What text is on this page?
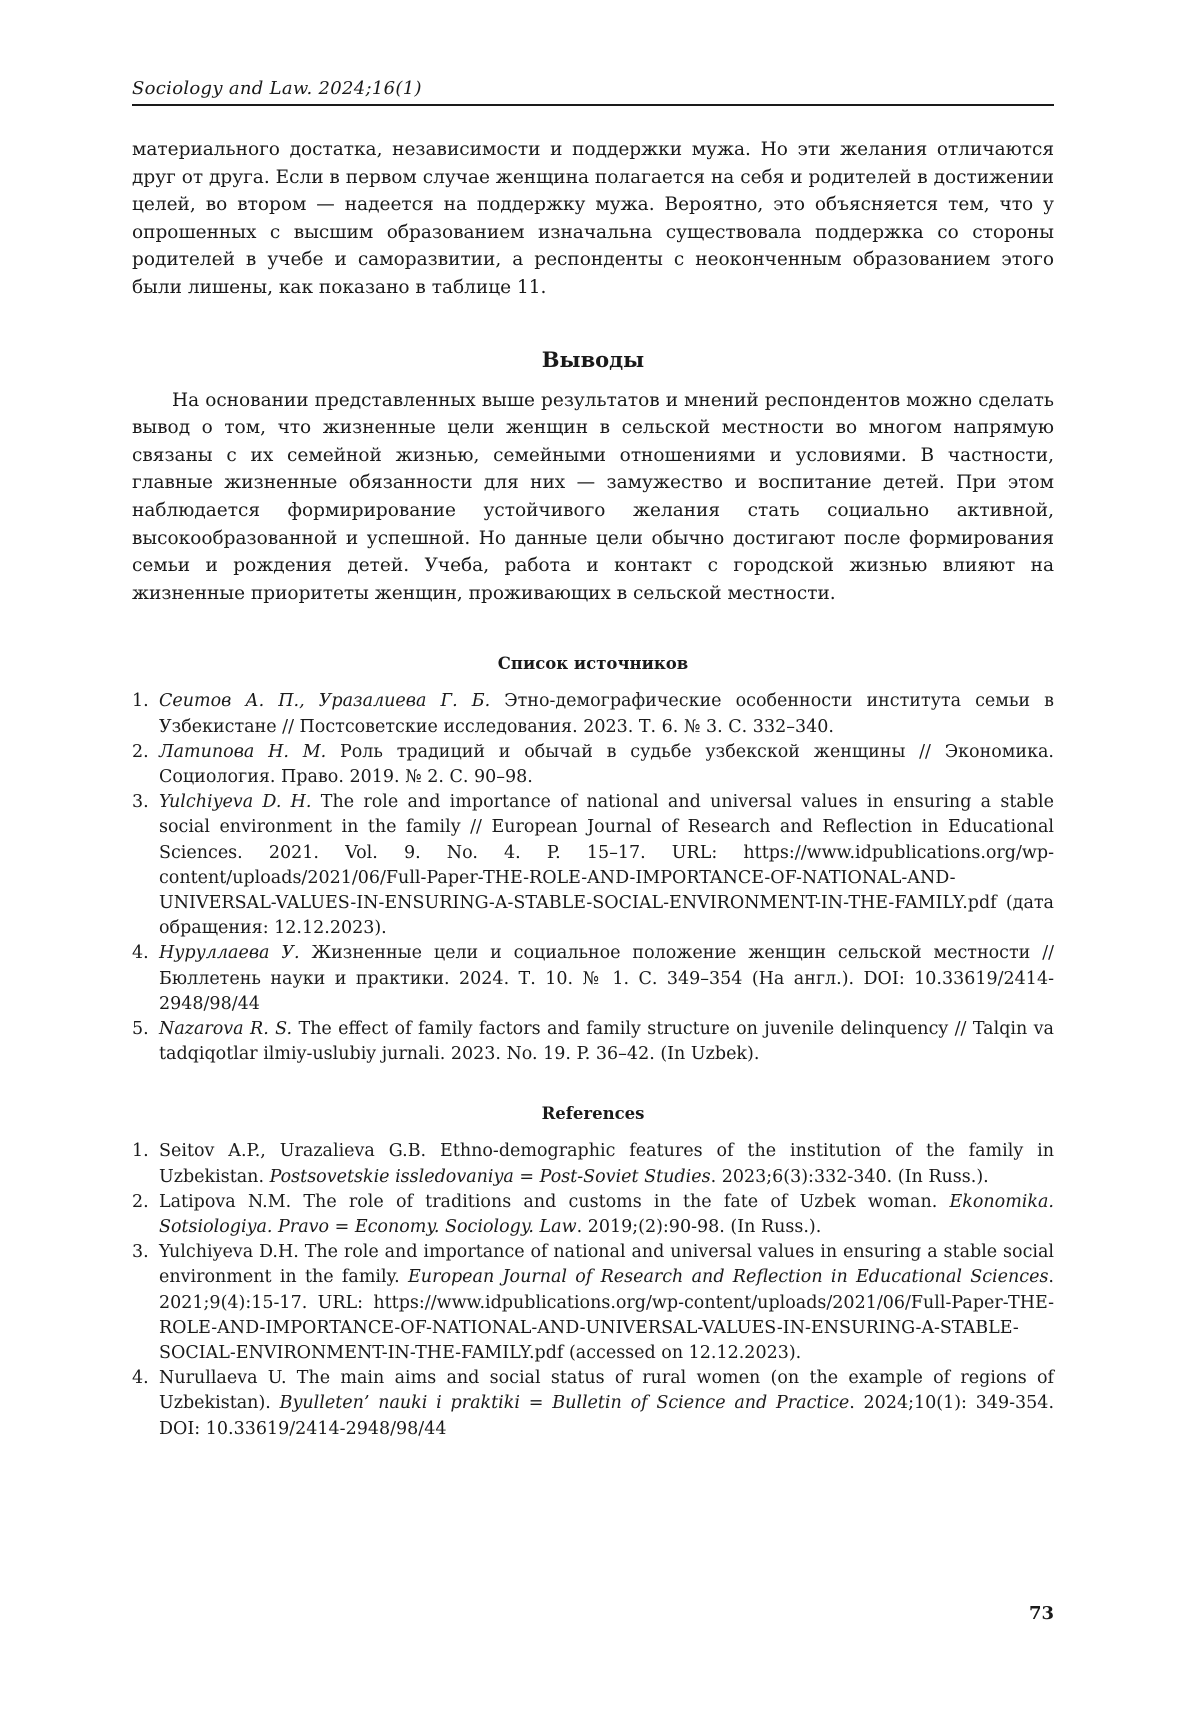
Sociology and Law. 2024;16(1)

материального достатка, независимости и поддержки мужа. Но эти желания отличаются друг от друга. Если в первом случае женщина полагается на себя и родителей в достижении целей, во втором — надеется на поддержку мужа. Вероятно, это объясняется тем, что у опрошенных с высшим образованием изначальна существовала поддержка со стороны родителей в учебе и саморазвитии, а респонденты с неоконченным образованием этого были лишены, как показано в таблице 11.

Выводы

На основании представленных выше результатов и мнений респондентов можно сделать вывод о том, что жизненные цели женщин в сельской местности во многом напрямую связаны с их семейной жизнью, семейными отношениями и условиями. В частности, главные жизненные обязанности для них — замужество и воспитание детей. При этом наблюдается формирирование устойчивого желания стать социально активной, высокообразованной и успешной. Но данные цели обычно достигают после формирования семьи и рождения детей. Учеба, работа и контакт с городской жизнью влияют на жизненные приоритеты женщин, проживающих в сельской местности.

Список источников
1. Сеитов А. П., Уразалиева Г. Б. Этно-демографические особенности института семьи в Узбекистане // Постсоветские исследования. 2023. Т. 6. № 3. С. 332–340.
2. Латипова Н. М. Роль традиций и обычай в судьбе узбекской женщины // Экономика. Социология. Право. 2019. № 2. С. 90–98.
3. Yulchiyeva D. H. The role and importance of national and universal values in ensuring a stable social environment in the family // European Journal of Research and Reflection in Educational Sciences. 2021. Vol. 9. No. 4. P. 15–17. URL: https://www.idpublications.org/wp-content/uploads/2021/06/Full-Paper-THE-ROLE-AND-IMPORTANCE-OF-NATIONAL-AND-UNIVERSAL-VALUES-IN-ENSURING-A-STABLE-SOCIAL-ENVIRONMENT-IN-THE-FAMILY.pdf (дата обращения: 12.12.2023).
4. Нуруллаева У. Жизненные цели и социальное положение женщин сельской местности // Бюллетень науки и практики. 2024. Т. 10. № 1. С. 349–354 (На англ.). DOI: 10.33619/2414-2948/98/44
5. Nazarova R. S. The effect of family factors and family structure on juvenile delinquency // Talqin va tadqiqotlar ilmiy-uslubiy jurnali. 2023. No. 19. P. 36–42. (In Uzbek).
References
1. Seitov A.P., Urazalieva G.B. Ethno-demographic features of the institution of the family in Uzbekistan. Postsovetskie issledovaniya = Post-Soviet Studies. 2023;6(3):332-340. (In Russ.).
2. Latipova N.M. The role of traditions and customs in the fate of Uzbek woman. Ekonomika. Sotsiologiya. Pravo = Economy. Sociology. Law. 2019;(2):90-98. (In Russ.).
3. Yulchiyeva D.H. The role and importance of national and universal values in ensuring a stable social environment in the family. European Journal of Research and Reflection in Educational Sciences. 2021;9(4):15-17. URL: https://www.idpublications.org/wp-content/uploads/2021/06/Full-Paper-THE-ROLE-AND-IMPORTANCE-OF-NATIONAL-AND-UNIVERSAL-VALUES-IN-ENSURING-A-STABLE-SOCIAL-ENVIRONMENT-IN-THE-FAMILY.pdf (accessed on 12.12.2023).
4. Nurullaeva U. The main aims and social status of rural women (on the example of regions of Uzbekistan). Byulleten’ nauki i praktiki = Bulletin of Science and Practice. 2024;10(1): 349-354. DOI: 10.33619/2414-2948/98/44
73
